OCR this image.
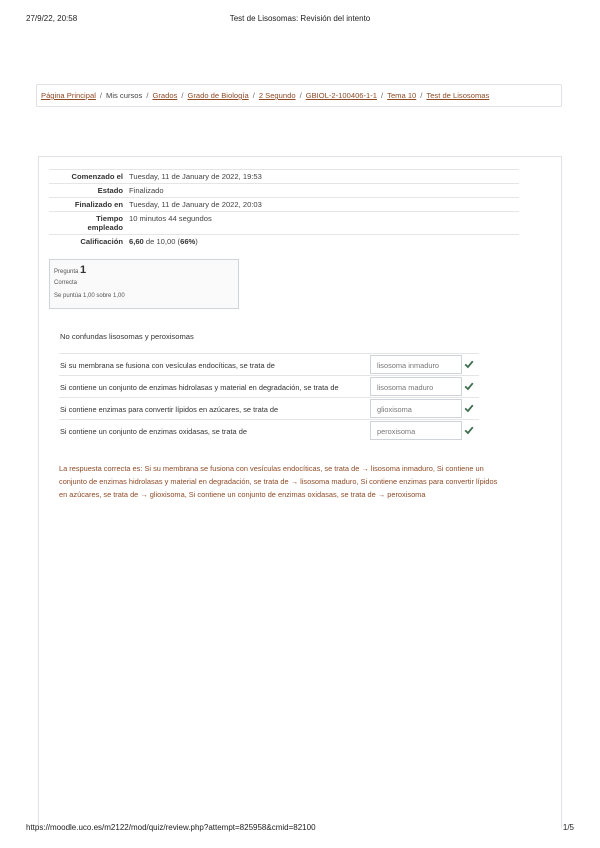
27/9/22, 20:58	Test de Lisosomas: Revisión del intento
Página Principal / Mis cursos / Grados / Grado de Biología / 2 Segundo / GBIOL-2-100406-1-1 / Tema 10 / Test de Lisosomas
Comenzado el Tuesday, 11 de January de 2022, 19:53
Estado Finalizado
Finalizado en Tuesday, 11 de January de 2022, 20:03
Tiempo
empleado
10 minutos 44 segundos
Calificación 6,60 de 10,00 (66%)
Pregunta 1
Correcta
Se puntúa 1,00 sobre 1,00
No confundas lisosomas y peroxisomas
Si su membrana se fusiona con vesículas endocíticas, se trata de	lisosoma inmaduro
Si contiene un conjunto de enzimas hidrolasas y material en degradación, se trata de	lisosoma maduro
Si contiene enzimas para convertir lípidos en azúcares, se trata de	glioxisoma
Si contiene un conjunto de enzimas oxidasas, se trata de	peroxisoma
La respuesta correcta es: Si su membrana se fusiona con vesículas endocíticas, se trata de → lisosoma inmaduro, Si contiene un
conjunto de enzimas hidrolasas y material en degradación, se trata de → lisosoma maduro, Si contiene enzimas para convertir lípidos
en azúcares, se trata de → glioxisoma, Si contiene un conjunto de enzimas oxidasas, se trata de → peroxisoma
https://moodle.uco.es/m2122/mod/quiz/review.php?attempt=825958&cmid=82100	1/5
